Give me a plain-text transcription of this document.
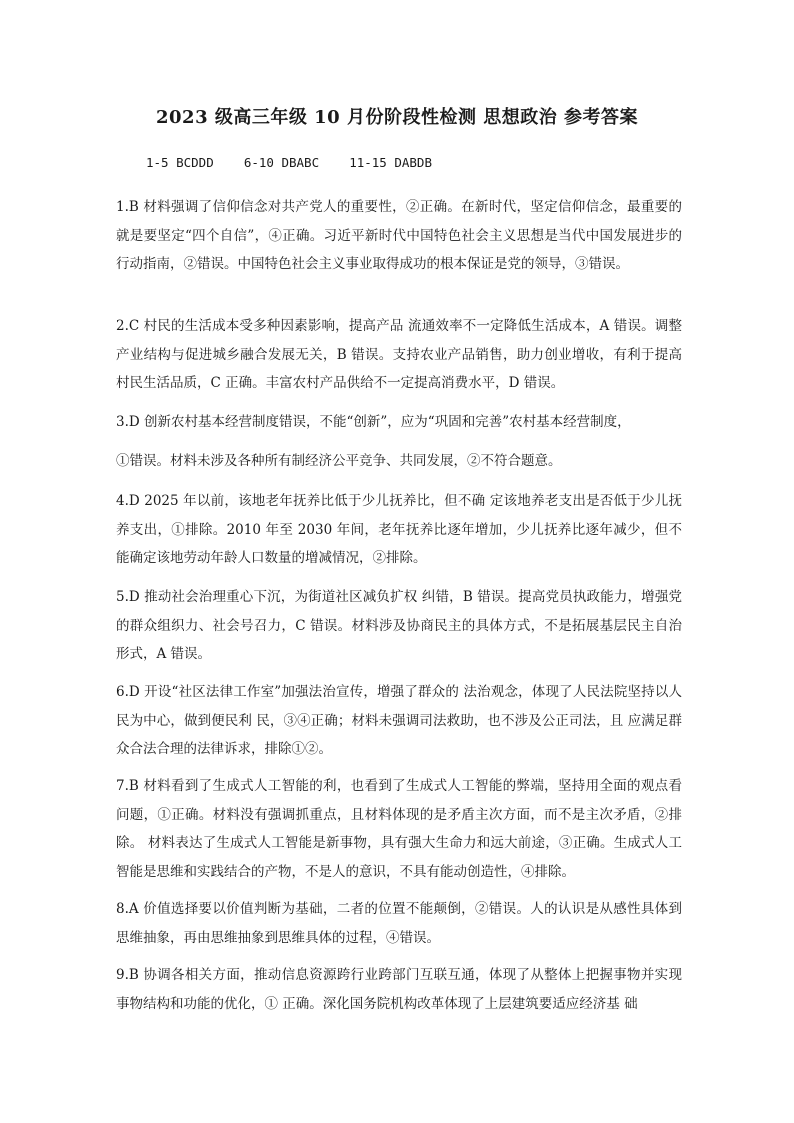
2023 级高三年级 10 月份阶段性检测 思想政治 参考答案
1-5 BCDDD    6-10 DBABC    11-15 DABDB
1.B 材料强调了信仰信念对共产党人的重要性，②正确。在新时代，坚定信仰信念，最重要的就是要坚定“四个自信”，④正确。习近平新时代中国特色社会主义思想是当代中国发展进步的行动指南，②错误。中国特色社会主义事业取得成功的根本保证是党的领导，③错误。
2.C 村民的生活成本受多种因素影响，提高产品 流通效率不一定降低生活成本，A 错误。调整产业结构与促进城乡融合发展无关，B 错误。支持农业产品销售，助力创业增收，有利于提高村民生活品质，C 正确。丰富农村产品供给不一定提高消费水平，D 错误。
3.D 创新农村基本经营制度错误，不能“创新”，应为“巩固和完善”农村基本经营制度，
①错误。材料未涉及各种所有制经济公平竞争、共同发展，②不符合题意。
4.D 2025 年以前，该地老年抚养比低于少儿抚养比，但不确 定该地养老支出是否低于少儿抚养支出，①排除。2010 年至 2030 年间，老年抚养比逐年增加，少儿抚养比逐年减少，但不 能确定该地劳动年龄人口数量的增减情况，②排除。
5.D 推动社会治理重心下沉，为街道社区减负扩权 纠错，B 错误。提高党员执政能力，增强党的群众组织力、社会号召力，C 错误。材料涉及协商民主的具体方式，不是拓展基层民主自治形式，A 错误。
6.D 开设“社区法律工作室”加强法治宣传，增强了群众的 法治观念，体现了人民法院坚持以人民为中心，做到便民利 民，③④正确；材料未强调司法救助，也不涉及公正司法，且 应满足群众合法合理的法律诉求，排除①②。
7.B 材料看到了生成式人工智能的利，也看到了生成式人工智能的弊端，坚持用全面的观点看问题，①正确。材料没有强调抓重点，且材料体现的是矛盾主次方面，而不是主次矛盾，②排除。 材料表达了生成式人工智能是新事物，具有强大生命力和远大前途，③正确。生成式人工智能是思维和实践结合的产物，不是人的意识，不具有能动创造性，④排除。
8.A 价值选择要以价值判断为基础，二者的位置不能颠倒，②错误。人的认识是从感性具体到思维抽象，再由思维抽象到思维具体的过程，④错误。
9.B 协调各相关方面，推动信息资源跨行业跨部门互联互通，体现了从整体上把握事物并实现事物结构和功能的优化，① 正确。深化国务院机构改革体现了上层建筑要适应经济基 础
